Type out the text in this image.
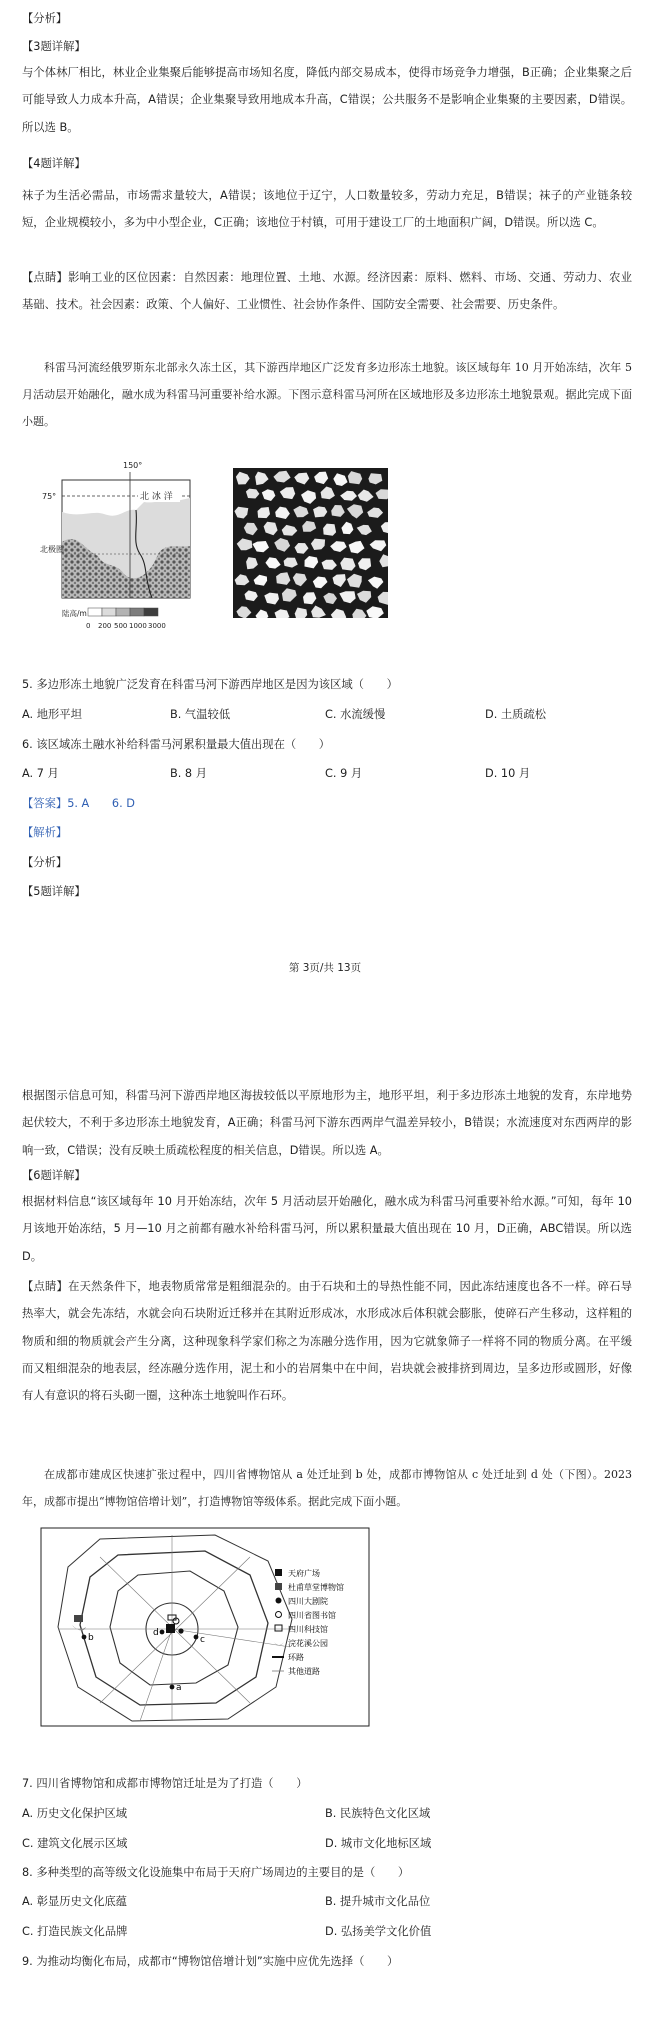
【分析】
【3题详解】
与个体林厂相比，林业企业集聚后能够提高市场知名度，降低内部交易成本，使得市场竞争力增强，B正确；企业集聚之后可能导致人力成本升高，A错误；企业集聚导致用地成本升高，C错误；公共服务不是影响企业集聚的主要因素，D错误。所以选 B。
【4题详解】
袜子为生活必需品，市场需求量较大，A错误；该地位于辽宁，人口数量较多，劳动力充足，B错误；袜子的产业链条较短，企业规模较小，多为中小型企业，C正确；该地位于村镇，可用于建设工厂的土地面积广阔，D错误。所以选 C。
【点睛】影响工业的区位因素：自然因素：地理位置、土地、水源。经济因素：原料、燃料、市场、交通、劳动力、农业基础、技术。社会因素：政策、个人偏好、工业惯性、社会协作条件、国防安全需要、社会需要、历史条件。
科雷马河流经俄罗斯东北部永久冻土区，其下游西岸地区广泛发育多边形冻土地貌。该区域每年 10 月开始冻结，次年 5 月活动层开始融化，融水成为科雷马河重要补给水源。下图示意科雷马河所在区域地形及多边形冻土地貌景观。据此完成下面小题。
150°
75°	北 冰 洋
北极圈
陆高/m
0 200 500 1000 3000
5. 多边形冻土地貌广泛发育在科雷马河下游西岸地区是因为该区域（　　）
A. 地形平坦	B. 气温较低	C. 水流缓慢	D. 土质疏松
6. 该区域冻土融水补给科雷马河累积量最大值出现在（　　）
A. 7 月	B. 8 月	C. 9 月	D. 10 月
【答案】5. A　　6. D
【解析】
【分析】
【5题详解】
第 3页/共 13页
根据图示信息可知，科雷马河下游西岸地区海拔较低以平原地形为主，地形平坦，利于多边形冻土地貌的发育，东岸地势起伏较大，不利于多边形冻土地貌发育，A正确；科雷马河下游东西两岸气温差异较小，B错误；水流速度对东西两岸的影响一致，C错误；没有反映土质疏松程度的相关信息，D错误。所以选 A。
【6题详解】
根据材料信息“该区域每年 10 月开始冻结，次年 5 月活动层开始融化，融水成为科雷马河重要补给水源。”可知，每年 10 月该地开始冻结，5 月—10 月之前都有融水补给科雷马河，所以累积量最大值出现在 10 月，D正确，ABC错误。所以选 D。
【点睛】在天然条件下，地表物质常常是粗细混杂的。由于石块和土的导热性能不同，因此冻结速度也各不一样。碎石导热率大，就会先冻结，水就会向石块附近迁移并在其附近形成冰，水形成冰后体积就会膨胀，使碎石产生移动，这样粗的物质和细的物质就会产生分离，这种现象科学家们称之为冻融分选作用，因为它就象筛子一样将不同的物质分离。在平缓而又粗细混杂的地表层，经冻融分选作用，泥土和小的岩屑集中在中间，岩块就会被排挤到周边，呈多边形或圆形，好像有人有意识的将石头砌一圈，这种冻土地貌叫作石环。
在成都市建成区快速扩张过程中，四川省博物馆从 a 处迁址到 b 处，成都市博物馆从 c 处迁址到 d 处（下图）。2023 年，成都市提出“博物馆倍增计划”，打造博物馆等级体系。据此完成下面小题。
b	d
c
a
天府广场
杜甫草堂博物馆
四川大剧院
四川省图书馆
四川科技馆
浣花溪公园
环路
其他道路
7. 四川省博物馆和成都市博物馆迁址是为了打造（　　）
A. 历史文化保护区域	B. 民族特色文化区域
C. 建筑文化展示区域	D. 城市文化地标区域
8. 多种类型的高等级文化设施集中布局于天府广场周边的主要目的是（　　）
A. 彰显历史文化底蕴	B. 提升城市文化品位
C. 打造民族文化品牌	D. 弘扬美学文化价值
9. 为推动均衡化布局，成都市“博物馆倍增计划”实施中应优先选择（　　）
